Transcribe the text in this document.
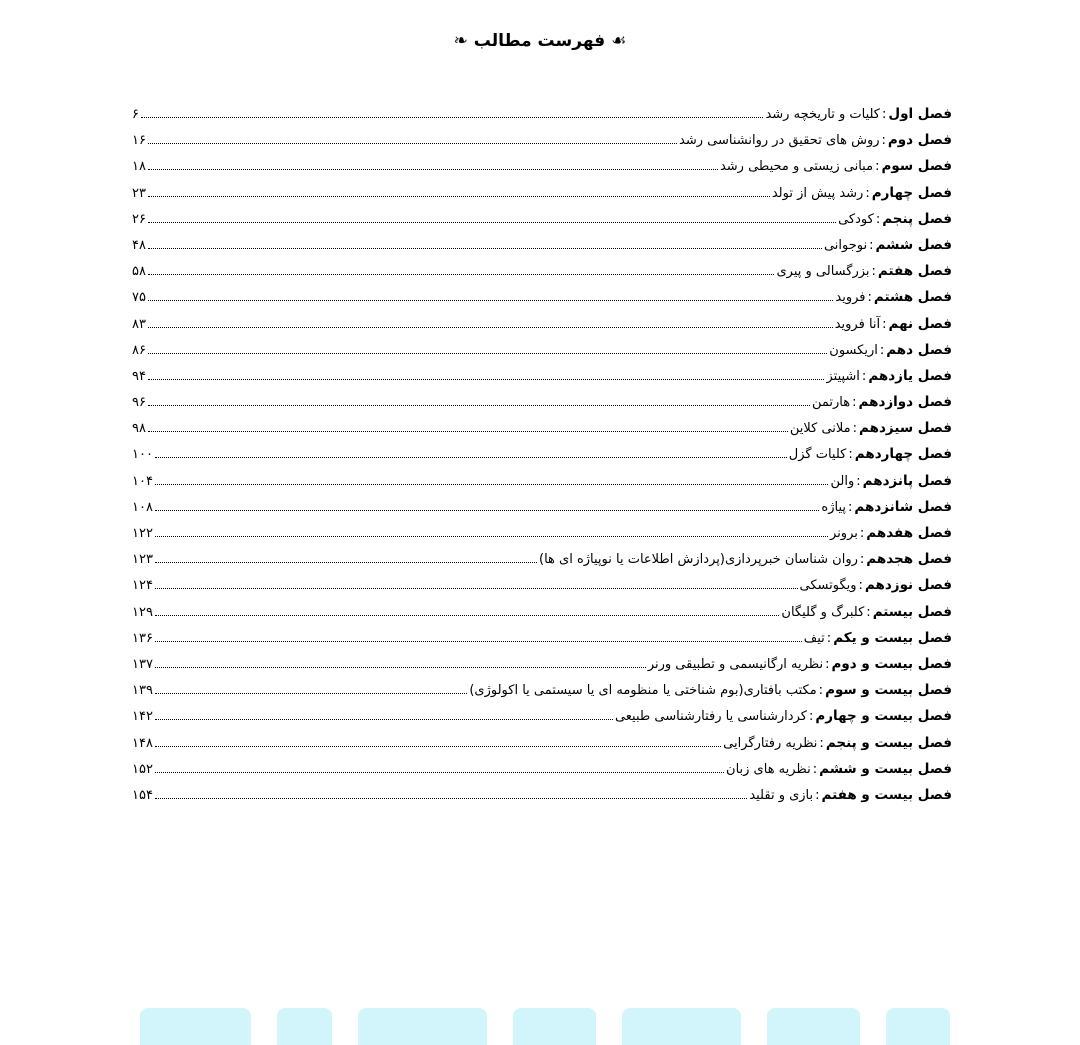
☙ فهرست مطالب ❧
فصل اول:کلیات و تاریخچه رشد
۶
فصل دوم:روش های تحقیق در روانشناسی رشد
۱۶
فصل سوم:مبانی زیستی و محیطی رشد
۱۸
فصل چهارم:رشد پیش از تولد
۲۳
فصل پنجم:کودکی
۲۶
فصل ششم:نوجوانی
۴۸
فصل هفتم:بزرگسالی و پیری
۵۸
فصل هشتم:فروید
۷۵
فصل نهم:آنا فروید
۸۳
فصل دهم:اریکسون
۸۶
فصل یازدهم:اشپیتز
۹۴
فصل دوازدهم:هارتمن
۹۶
فصل سیزدهم:ملانی کلاین
۹۸
فصل چهاردهم:کلیات گزل
۱۰۰
فصل پانزدهم:والن
۱۰۴
فصل شانزدهم:پیاژه
۱۰۸
فصل هفدهم:برونر
۱۲۲
فصل هجدهم:روان شناسان خبرپردازی(پردازش اطلاعات یا نوپیاژه ای ها)
۱۲۳
فصل نوزدهم:ویگوتسکی
۱۲۴
فصل بیستم:کلبرگ و گلیگان
۱۲۹
فصل بیست و یکم:تیف
۱۳۶
فصل بیست و دوم:نظریه ارگانیسمی و تطبیقی ورنر
۱۳۷
فصل بیست و سوم:مکتب بافتاری(بوم شناختی یا منظومه ای یا سیستمی یا اکولوژی)
۱۳۹
فصل بیست و چهارم:کردارشناسی یا رفتارشناسی طبیعی
۱۴۲
فصل بیست و پنجم:نظریه رفتارگرایی
۱۴۸
فصل بیست و ششم:نظریه های زبان
۱۵۲
فصل بیست و هفتم:بازی و تقلید
۱۵۴
